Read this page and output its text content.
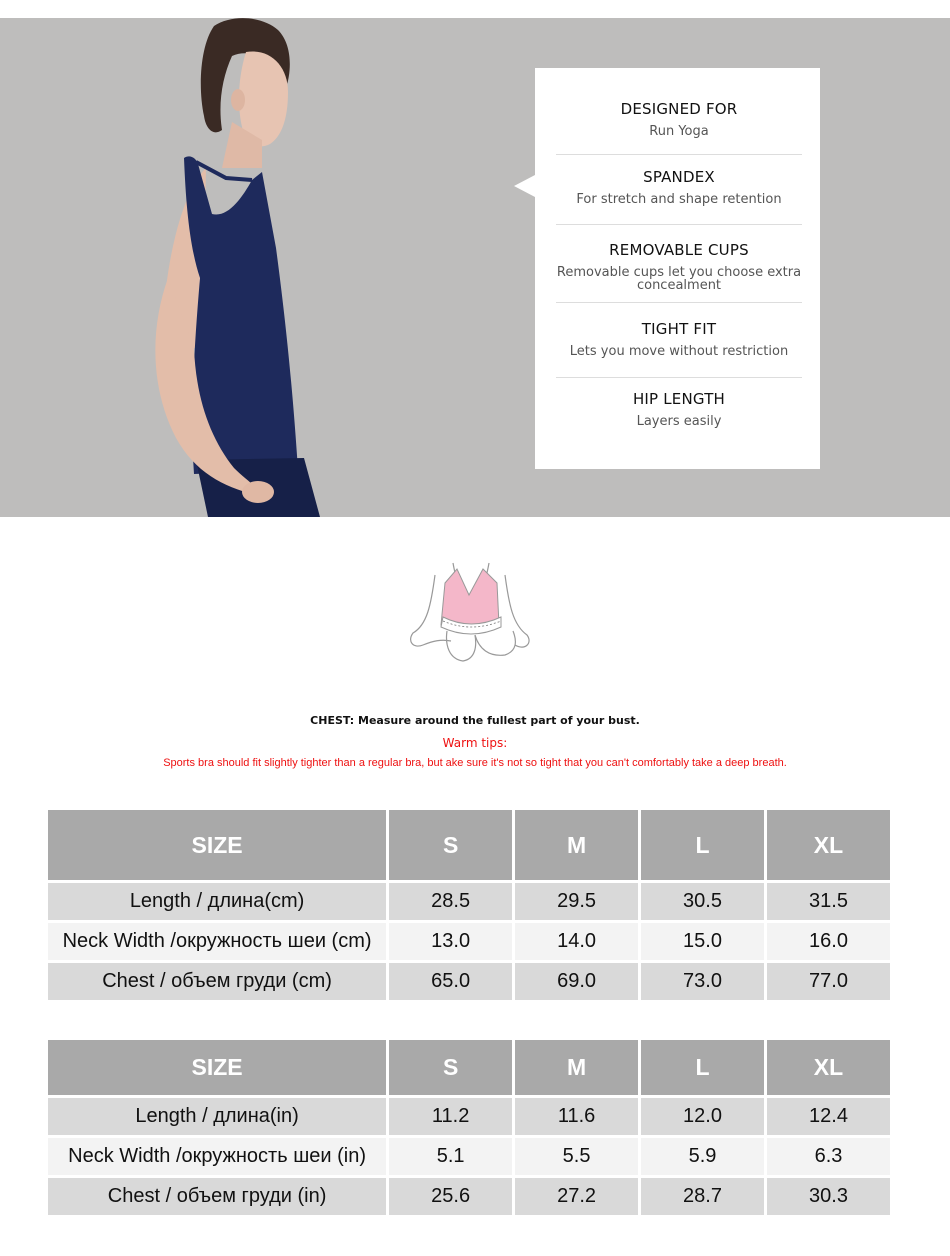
DESIGNED FOR
Run Yoga
SPANDEX
For stretch and shape retention
REMOVABLE CUPS
Removable cups let you choose extra concealment
TIGHT FIT
Lets you move without restriction
HIP LENGTH
Layers easily
CHEST: Measure around the fullest part of your bust.
Warm tips:
Sports bra should fit slightly tighter than a regular bra, but ake sure it's not so tight that you can't comfortably take a deep breath.
SIZE	S	M	L	XL
Length / длина(cm)	28.5	29.5	30.5	31.5
Neck Width /окружность шеи (cm)	13.0	14.0	15.0	16.0
Chest / объем груди (cm)	65.0	69.0	73.0	77.0
SIZE	S	M	L	XL
Length / длина(in)	11.2	11.6	12.0	12.4
Neck Width /окружность шеи (in)	5.1	5.5	5.9	6.3
Chest / объем груди (in)	25.6	27.2	28.7	30.3
